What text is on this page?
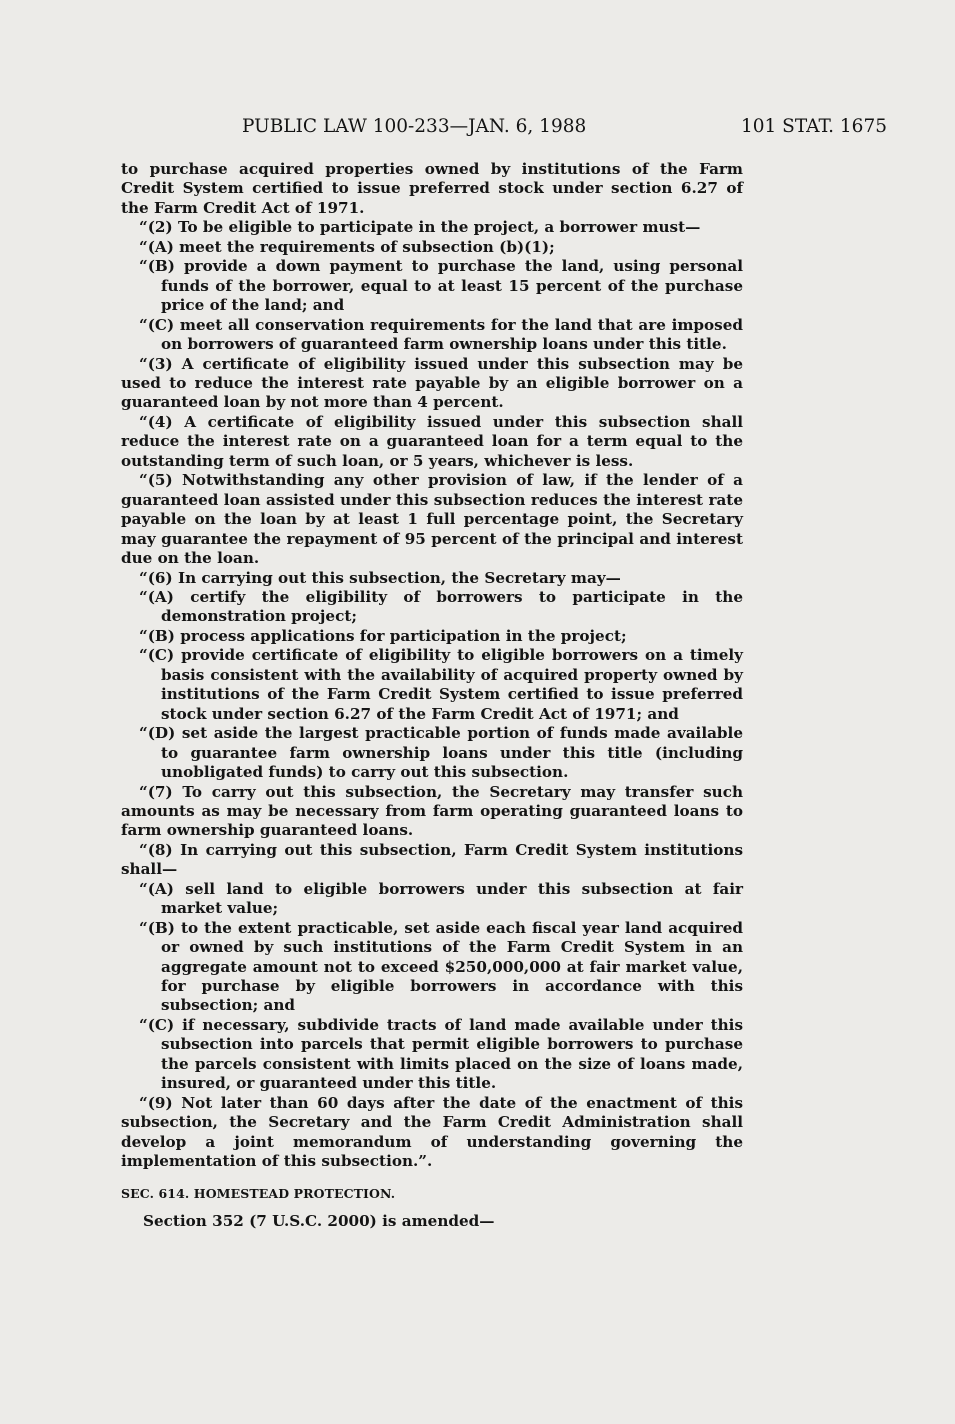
PUBLIC LAW 100-233—JAN. 6, 1988	101 STAT. 1675

to purchase acquired properties owned by institutions of the Farm Credit System certified to issue preferred stock under section 6.27 of the Farm Credit Act of 1971.

“(2) To be eligible to participate in the project, a borrower must—

“(A) meet the requirements of subsection (b)(1);

“(B) provide a down payment to purchase the land, using personal funds of the borrower, equal to at least 15 percent of the purchase price of the land; and

“(C) meet all conservation requirements for the land that are imposed on borrowers of guaranteed farm ownership loans under this title.

“(3) A certificate of eligibility issued under this subsection may be used to reduce the interest rate payable by an eligible borrower on a guaranteed loan by not more than 4 percent.

“(4) A certificate of eligibility issued under this subsection shall reduce the interest rate on a guaranteed loan for a term equal to the outstanding term of such loan, or 5 years, whichever is less.

“(5) Notwithstanding any other provision of law, if the lender of a guaranteed loan assisted under this subsection reduces the interest rate payable on the loan by at least 1 full percentage point, the Secretary may guarantee the repayment of 95 percent of the principal and interest due on the loan.

“(6) In carrying out this subsection, the Secretary may—

“(A) certify the eligibility of borrowers to participate in the demonstration project;

“(B) process applications for participation in the project;

“(C) provide certificate of eligibility to eligible borrowers on a timely basis consistent with the availability of acquired property owned by institutions of the Farm Credit System certified to issue preferred stock under section 6.27 of the Farm Credit Act of 1971; and

“(D) set aside the largest practicable portion of funds made available to guarantee farm ownership loans under this title (including unobligated funds) to carry out this subsection.

“(7) To carry out this subsection, the Secretary may transfer such amounts as may be necessary from farm operating guaranteed loans to farm ownership guaranteed loans.

“(8) In carrying out this subsection, Farm Credit System institutions shall—

“(A) sell land to eligible borrowers under this subsection at fair market value;

“(B) to the extent practicable, set aside each fiscal year land acquired or owned by such institutions of the Farm Credit System in an aggregate amount not to exceed $250,000,000 at fair market value, for purchase by eligible borrowers in accordance with this subsection; and

“(C) if necessary, subdivide tracts of land made available under this subsection into parcels that permit eligible borrowers to purchase the parcels consistent with limits placed on the size of loans made, insured, or guaranteed under this title.

“(9) Not later than 60 days after the date of the enactment of this subsection, the Secretary and the Farm Credit Administration shall develop a joint memorandum of understanding governing the implementation of this subsection.”.

SEC. 614. HOMESTEAD PROTECTION.

Section 352 (7 U.S.C. 2000) is amended—
